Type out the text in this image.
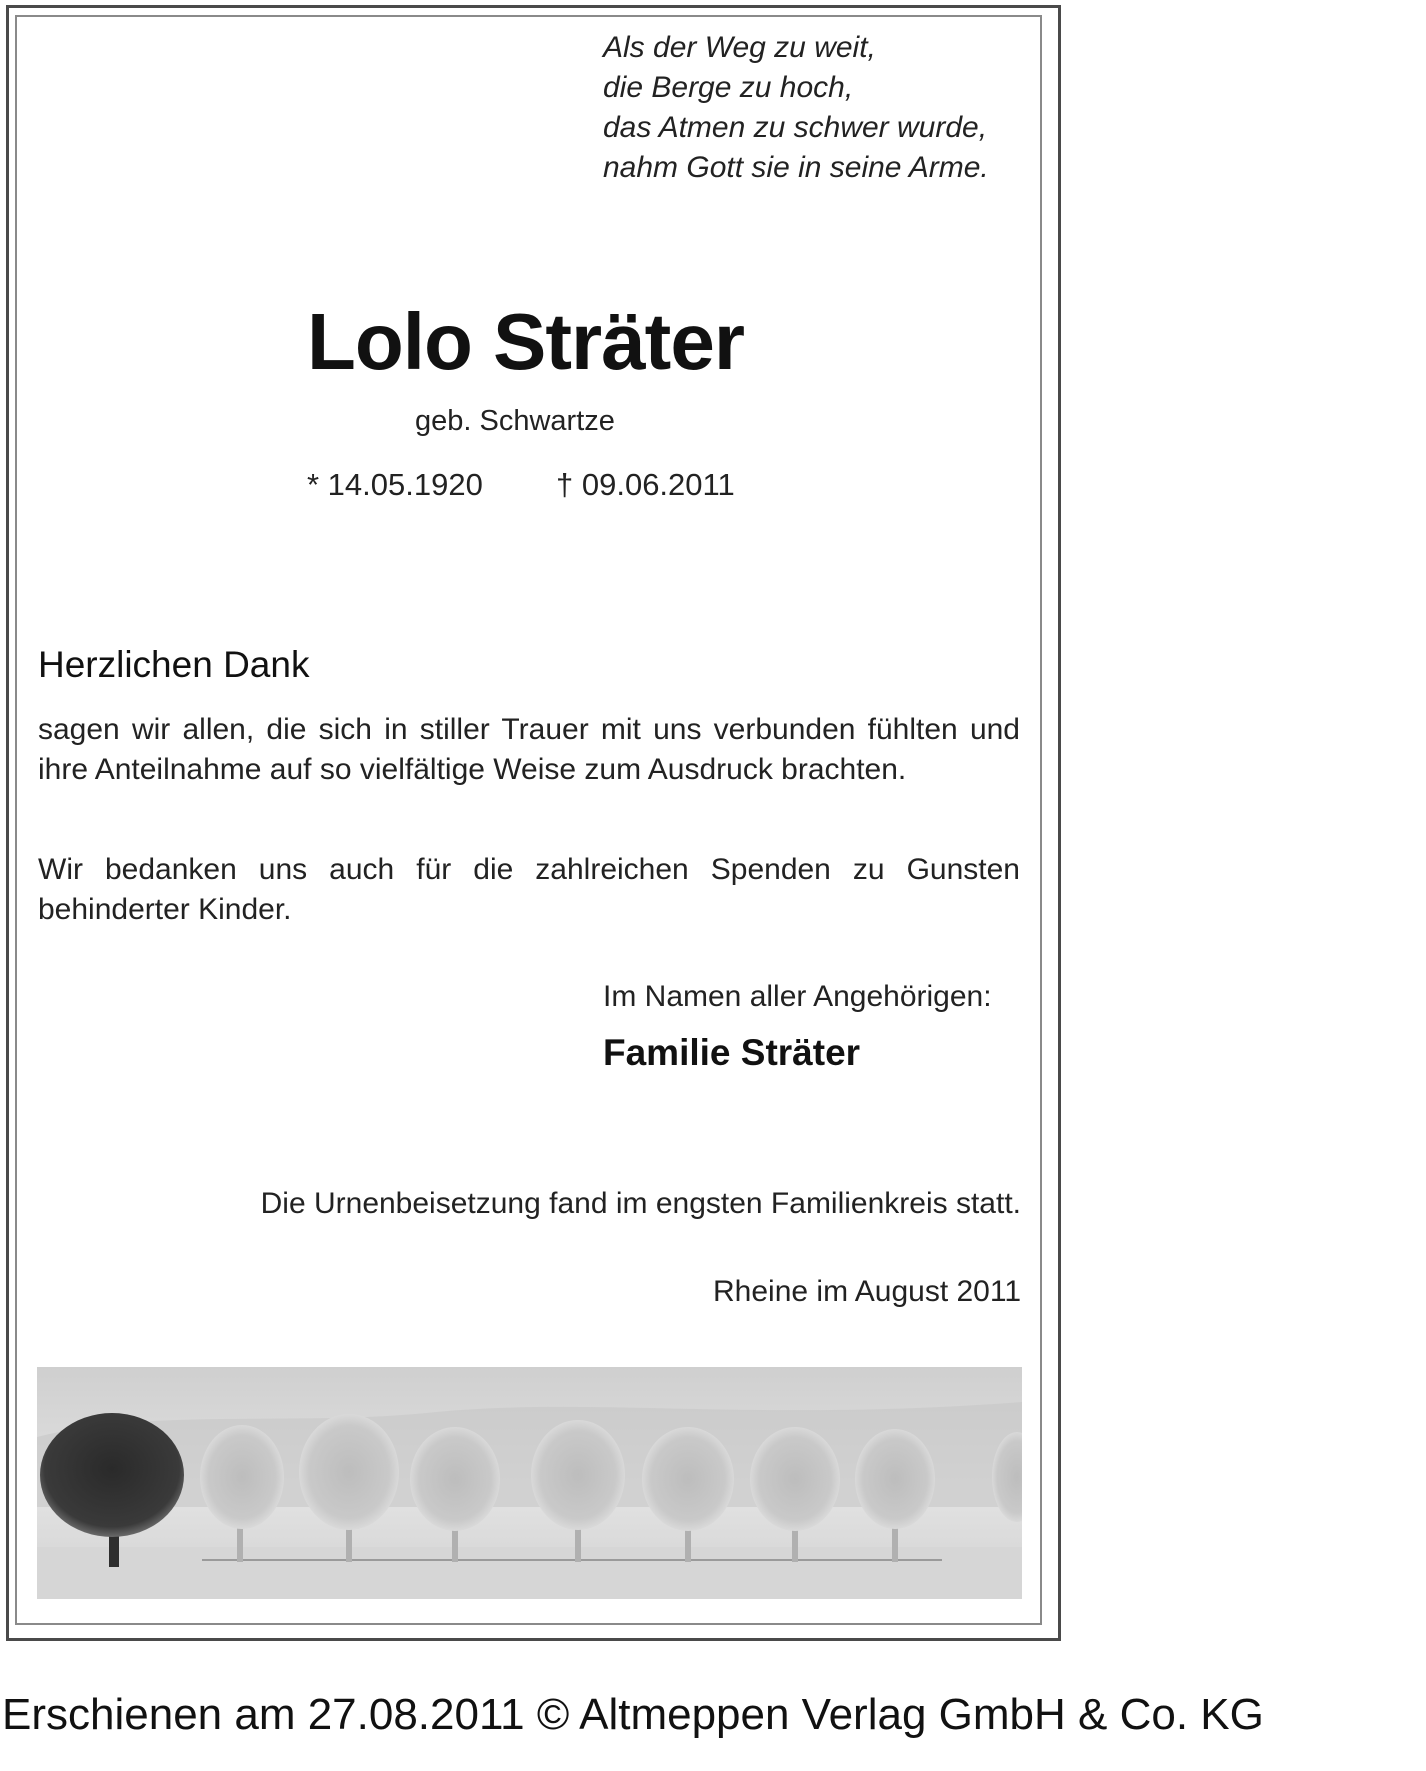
Als der Weg zu weit,
die Berge zu hoch,
das Atmen zu schwer wurde,
nahm Gott sie in seine Arme.
Lolo Sträter
geb. Schwartze
* 14.05.1920 † 09.06.2011
Herzlichen Dank
sagen wir allen, die sich in stiller Trauer mit uns verbunden fühlten und ihre Anteilnahme auf so vielfältige Weise zum Ausdruck brachten.
Wir bedanken uns auch für die zahlreichen Spenden zu Gunsten behinderter Kinder.
Im Namen aller Angehörigen:
Familie Sträter
Die Urnenbeisetzung fand im engsten Familienkreis statt.
Rheine im August 2011
Erschienen am 27.08.2011 © Altmeppen Verlag GmbH & Co. KG
